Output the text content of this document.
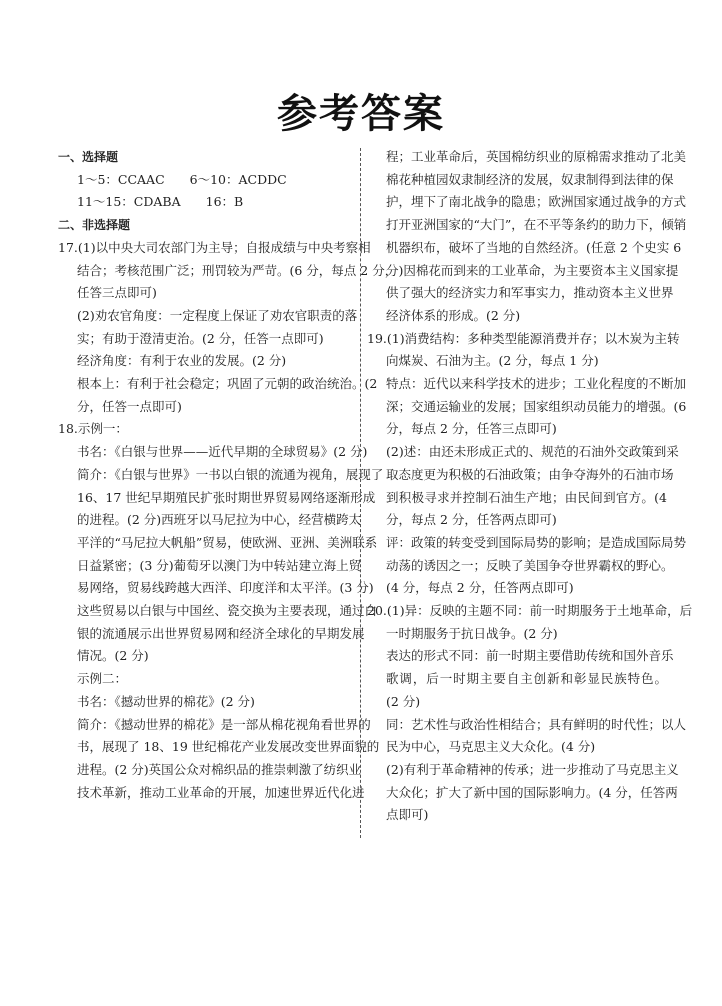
参考答案
一、选择题
1～5：CCAAC　　6～10：ACDDC
11～15：CDABA　　16：B
二、非选择题
17.(1)以中央大司农部门为主导；自报成绩与中央考察相
结合；考核范围广泛；刑罚较为严苛。(6 分，每点 2 分，
任答三点即可)
(2)劝农官角度：一定程度上保证了劝农官职责的落
实；有助于澄清吏治。(2 分，任答一点即可)
经济角度：有利于农业的发展。(2 分)
根本上：有利于社会稳定；巩固了元朝的政治统治。(2
分，任答一点即可)
18.示例一：
书名：《白银与世界——近代早期的全球贸易》(2 分)
简介：《白银与世界》一书以白银的流通为视角，展现了
16、17 世纪早期殖民扩张时期世界贸易网络逐渐形成
的进程。(2 分)西班牙以马尼拉为中心，经营横跨太
平洋的“马尼拉大帆船”贸易，使欧洲、亚洲、美洲联系
日益紧密；(3 分)葡萄牙以澳门为中转站建立海上贸
易网络，贸易线跨越大西洋、印度洋和太平洋。(3 分)
这些贸易以白银与中国丝、瓷交换为主要表现，通过白
银的流通展示出世界贸易网和经济全球化的早期发展
情况。(2 分)
示例二：
书名：《撼动世界的棉花》(2 分)
简介：《撼动世界的棉花》是一部从棉花视角看世界的
书，展现了 18、19 世纪棉花产业发展改变世界面貌的
进程。(2 分)英国公众对棉织品的推崇刺激了纺织业
技术革新，推动工业革命的开展，加速世界近代化进
程；工业革命后，英国棉纺织业的原棉需求推动了北美
棉花种植园奴隶制经济的发展，奴隶制得到法律的保
护，埋下了南北战争的隐患；欧洲国家通过战争的方式
打开亚洲国家的“大门”，在不平等条约的助力下，倾销
机器织布，破坏了当地的自然经济。(任意 2 个史实 6
分)因棉花而到来的工业革命，为主要资本主义国家提
供了强大的经济实力和军事实力，推动资本主义世界
经济体系的形成。(2 分)
19.(1)消费结构：多种类型能源消费并存；以木炭为主转
向煤炭、石油为主。(2 分，每点 1 分)
特点：近代以来科学技术的进步；工业化程度的不断加
深；交通运输业的发展；国家组织动员能力的增强。(6
分，每点 2 分，任答三点即可)
(2)述：由还未形成正式的、规范的石油外交政策到采
取态度更为积极的石油政策；由争夺海外的石油市场
到积极寻求并控制石油生产地；由民间到官方。(4
分，每点 2 分，任答两点即可)
评：政策的转变受到国际局势的影响；是造成国际局势
动荡的诱因之一；反映了美国争夺世界霸权的野心。
(4 分，每点 2 分，任答两点即可)
20.(1)异：反映的主题不同：前一时期服务于土地革命，后
一时期服务于抗日战争。(2 分)
表达的形式不同：前一时期主要借助传统和国外音乐
歌调，后一时期主要自主创新和彰显民族特色。
(2 分)
同：艺术性与政治性相结合；具有鲜明的时代性；以人
民为中心，马克思主义大众化。(4 分)
(2)有利于革命精神的传承；进一步推动了马克思主义
大众化；扩大了新中国的国际影响力。(4 分，任答两
点即可)
